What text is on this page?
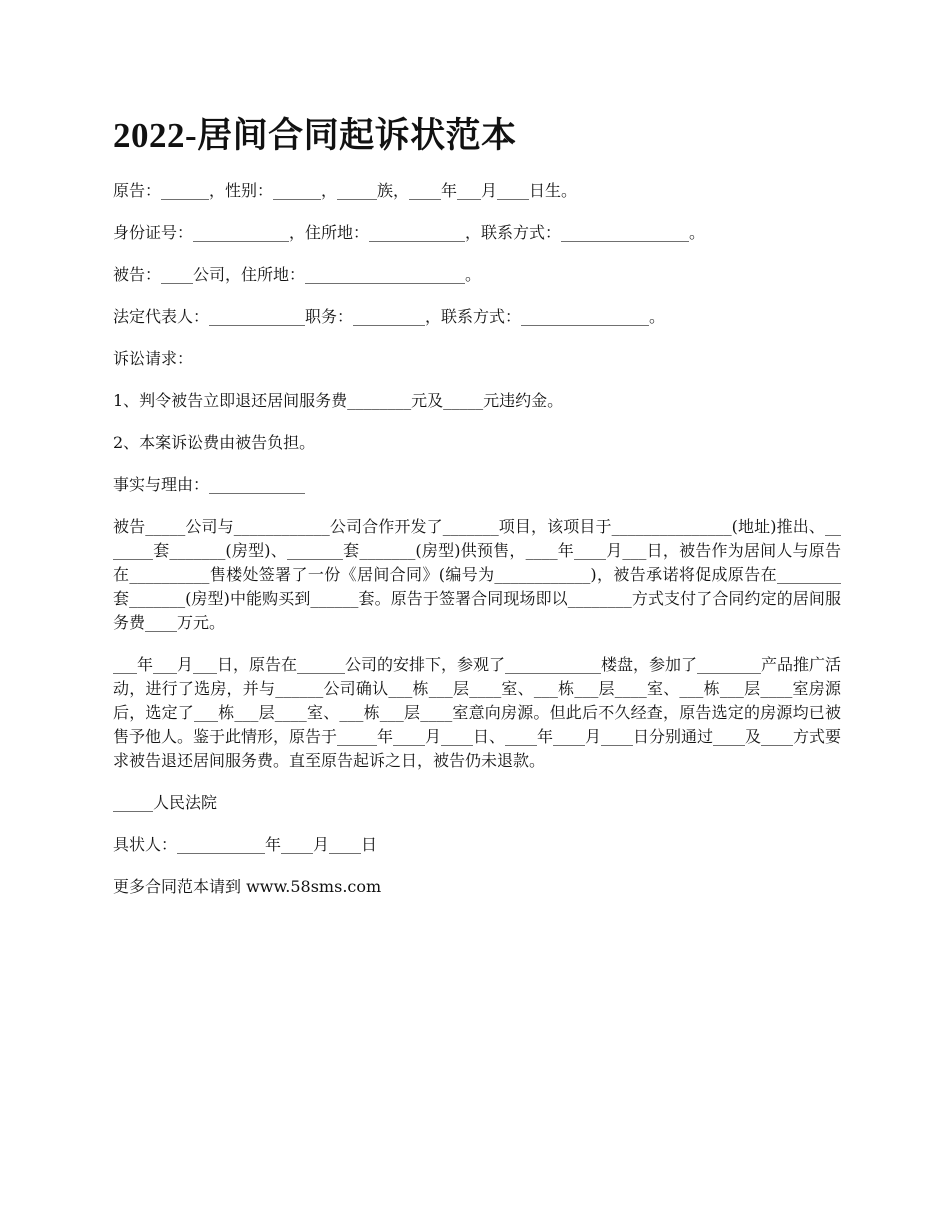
2022-居间合同起诉状范本

原告：______，性别：______，_____族，____年___月____日生。

身份证号：____________，住所地：____________，联系方式：________________。

被告：____公司，住所地：____________________。

法定代表人：____________职务：_________，联系方式：________________。

诉讼请求：

1、判令被告立即退还居间服务费________元及_____元违约金。

2、本案诉讼费由被告负担。

事实与理由：____________

被告_____公司与____________公司合作开发了_______项目，该项目于_______________(地址)推出、_______套_______(房型)、_______套_______(房型)供预售，____年____月___日，被告作为居间人与原告在__________售楼处签署了一份《居间合同》(编号为____________)，被告承诺将促成原告在________套_______(房型)中能购买到______套。原告于签署合同现场即以________方式支付了合同约定的居间服务费____万元。

___年___月___日，原告在______公司的安排下，参观了____________楼盘，参加了________产品推广活动，进行了选房，并与______公司确认___栋___层____室、___栋___层____室、___栋___层____室房源后，选定了___栋___层____室、___栋___层____室意向房源。但此后不久经查，原告选定的房源均已被售予他人。鉴于此情形，原告于_____年____月____日、____年____月____日分别通过____及____方式要求被告退还居间服务费。直至原告起诉之日，被告仍未退款。

_____人民法院

具状人：___________年____月____日

更多合同范本请到 www.58sms.com
